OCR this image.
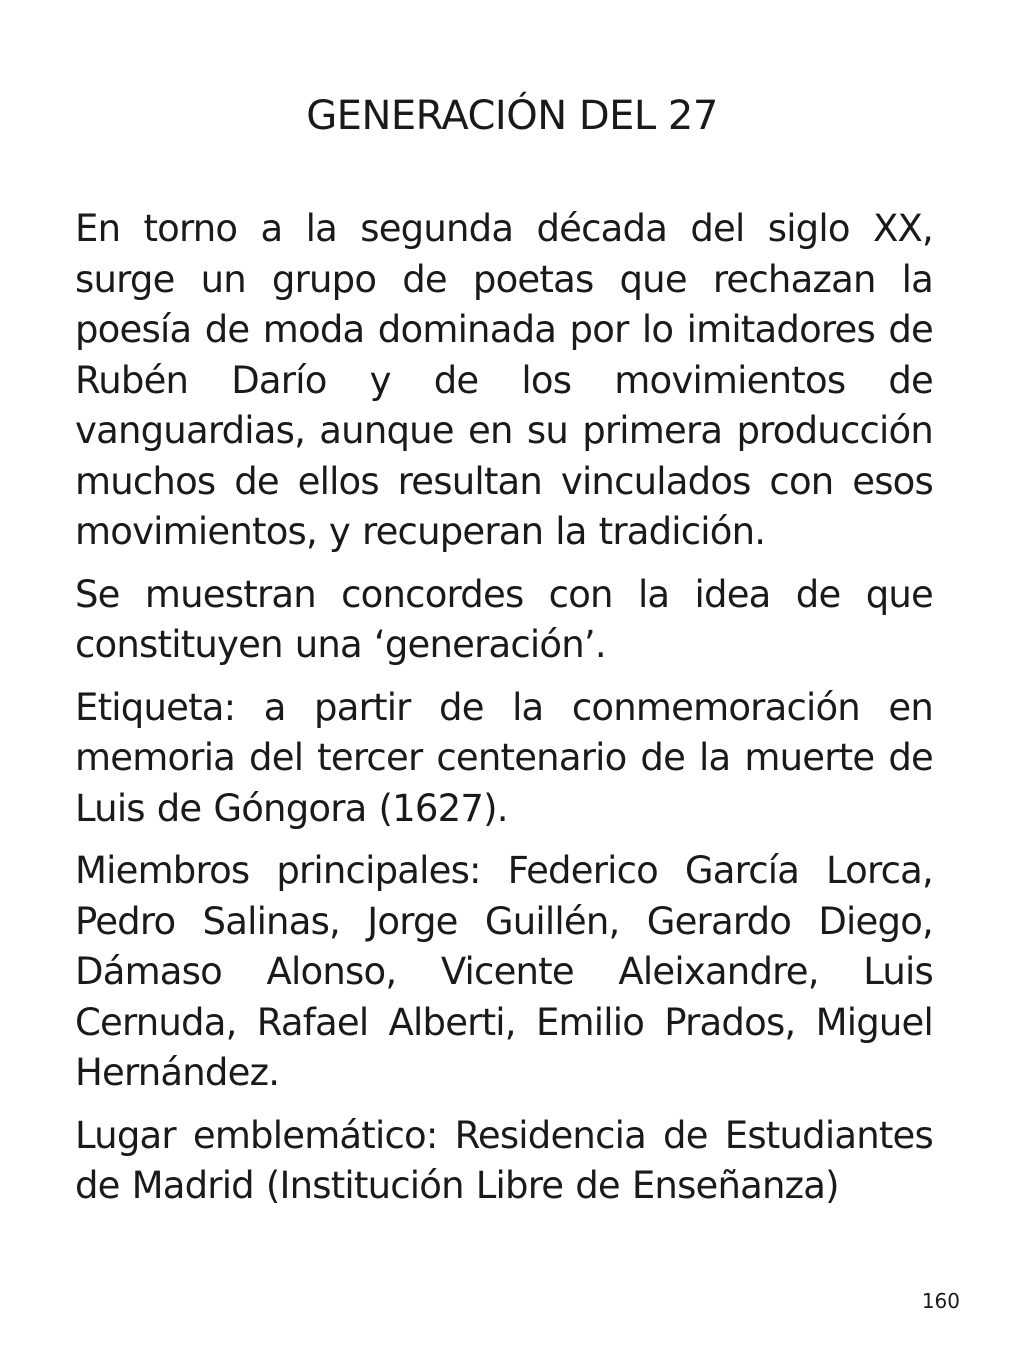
GENERACIÓN DEL 27

En torno a la segunda década del siglo XX, surge un grupo de poetas que rechazan la poesía de moda dominada por lo imitadores de Rubén Darío y de los movimientos de vanguardias, aunque en su primera producción muchos de ellos resultan vinculados con esos movimientos, y recuperan la tradición.

Se muestran concordes con la idea de que constituyen una ‘generación’.

Etiqueta: a partir de la conmemoración en memoria del tercer centenario de la muerte de Luis de Góngora (1627).

Miembros principales: Federico García Lorca, Pedro Salinas, Jorge Guillén, Gerardo Diego, Dámaso Alonso, Vicente Aleixandre, Luis Cernuda, Rafael Alberti, Emilio Prados, Miguel Hernández.

Lugar emblemático: Residencia de Estudiantes de Madrid (Institución Libre de Enseñanza)

160
